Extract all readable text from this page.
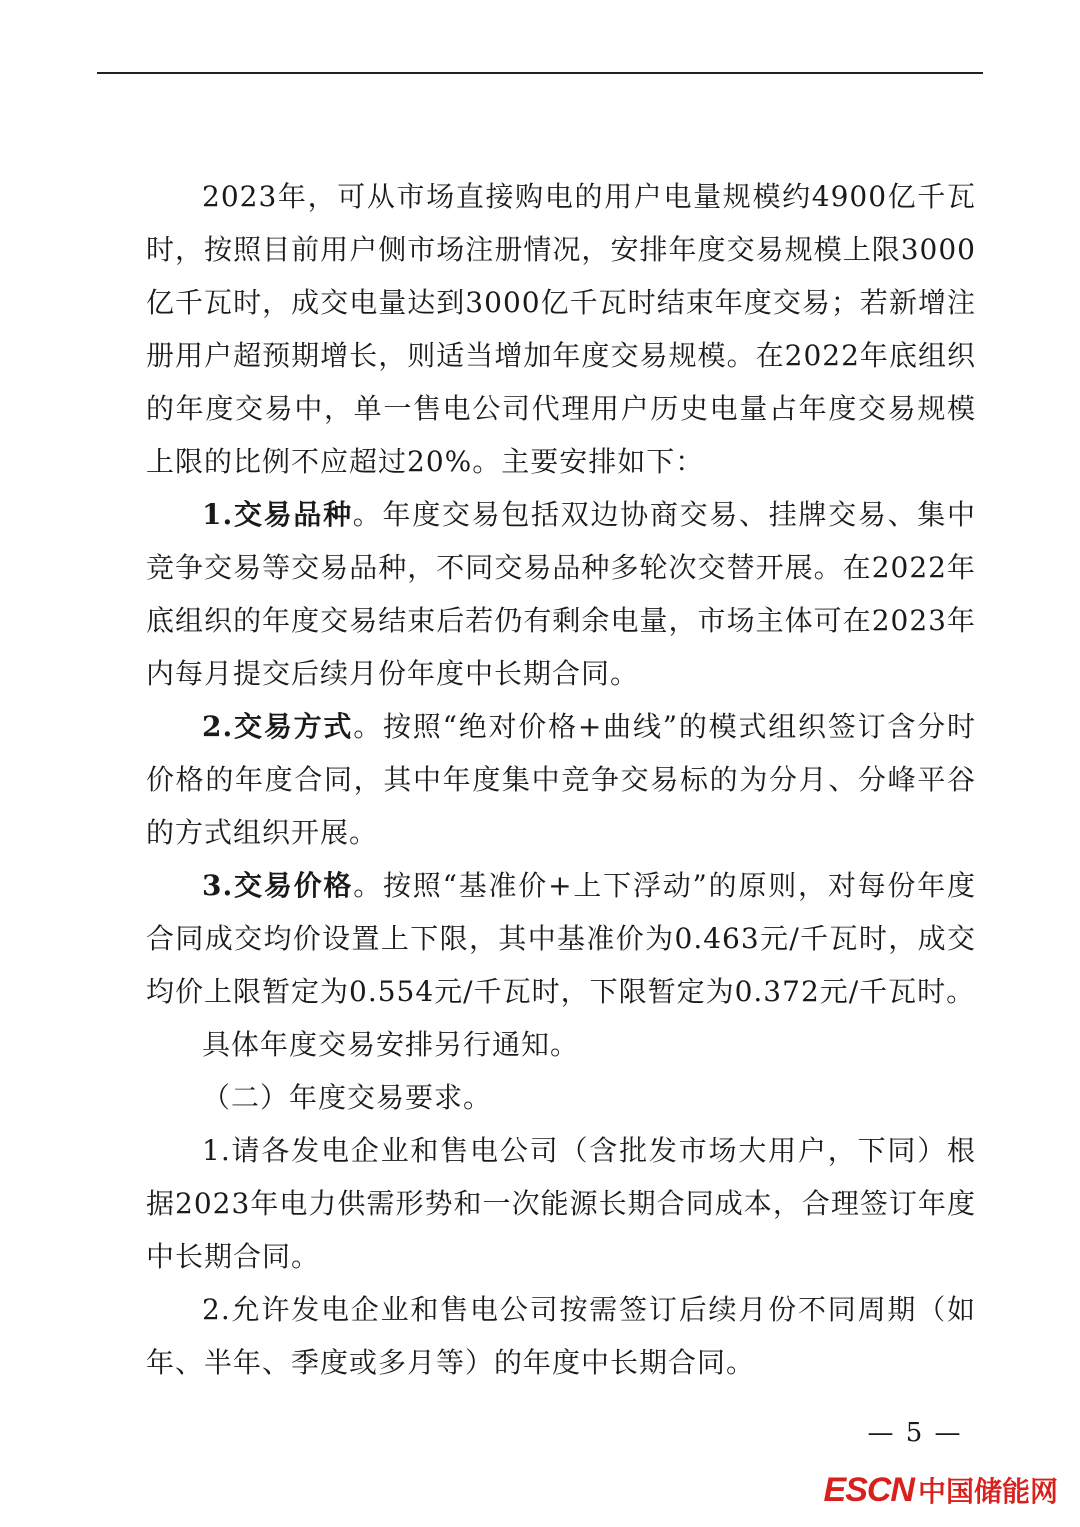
2023年，可从市场直接购电的用户电量规模约4900亿千瓦时，按照目前用户侧市场注册情况，安排年度交易规模上限3000亿千瓦时，成交电量达到3000亿千瓦时结束年度交易；若新增注册用户超预期增长，则适当增加年度交易规模。在2022年底组织的年度交易中，单一售电公司代理用户历史电量占年度交易规模上限的比例不应超过20%。主要安排如下：

1.交易品种。年度交易包括双边协商交易、挂牌交易、集中竞争交易等交易品种，不同交易品种多轮次交替开展。在2022年底组织的年度交易结束后若仍有剩余电量，市场主体可在2023年内每月提交后续月份年度中长期合同。

2.交易方式。按照“绝对价格+曲线”的模式组织签订含分时价格的年度合同，其中年度集中竞争交易标的为分月、分峰平谷的方式组织开展。

3.交易价格。按照“基准价+上下浮动”的原则，对每份年度合同成交均价设置上下限，其中基准价为0.463元/千瓦时，成交均价上限暂定为0.554元/千瓦时，下限暂定为0.372元/千瓦时。

具体年度交易安排另行通知。

（二）年度交易要求。

1.请各发电企业和售电公司（含批发市场大用户，下同）根据2023年电力供需形势和一次能源长期合同成本，合理签订年度中长期合同。

2.允许发电企业和售电公司按需签订后续月份不同周期（如年、半年、季度或多月等）的年度中长期合同。

— 5 —
ESCN 中国储能网
